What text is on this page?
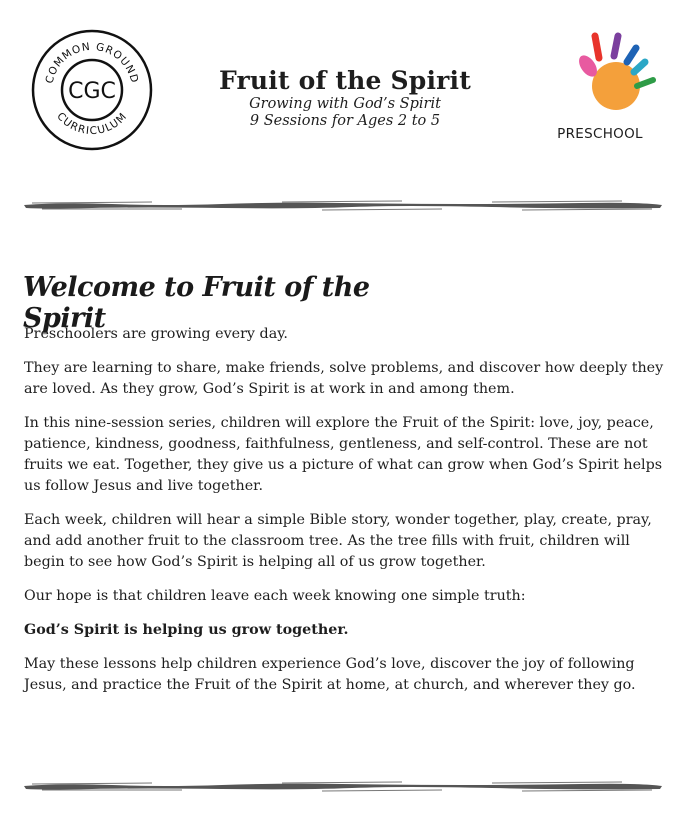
COMMON GROUND
CURRICULUM
CGC	Fruit of the Spirit
Growing with God’s Spirit
9 Sessions for Ages 2 to 5
PRESCHOOL
Welcome to Fruit of the Spirit

Preschoolers are growing every day.

They are learning to share, make friends, solve problems, and discover how deeply they are loved. As they grow, God’s Spirit is at work in and among them.

In this nine-session series, children will explore the Fruit of the Spirit: love, joy, peace, patience, kindness, goodness, faithfulness, gentleness, and self-control. These are not fruits we eat. Together, they give us a picture of what can grow when God’s Spirit helps us follow Jesus and live together.

Each week, children will hear a simple Bible story, wonder together, play, create, pray, and add another fruit to the classroom tree. As the tree fills with fruit, children will begin to see how God’s Spirit is helping all of us grow together.

Our hope is that children leave each week knowing one simple truth:

God’s Spirit is helping us grow together.

May these lessons help children experience God’s love, discover the joy of following Jesus, and practice the Fruit of the Spirit at home, at church, and wherever they go.
